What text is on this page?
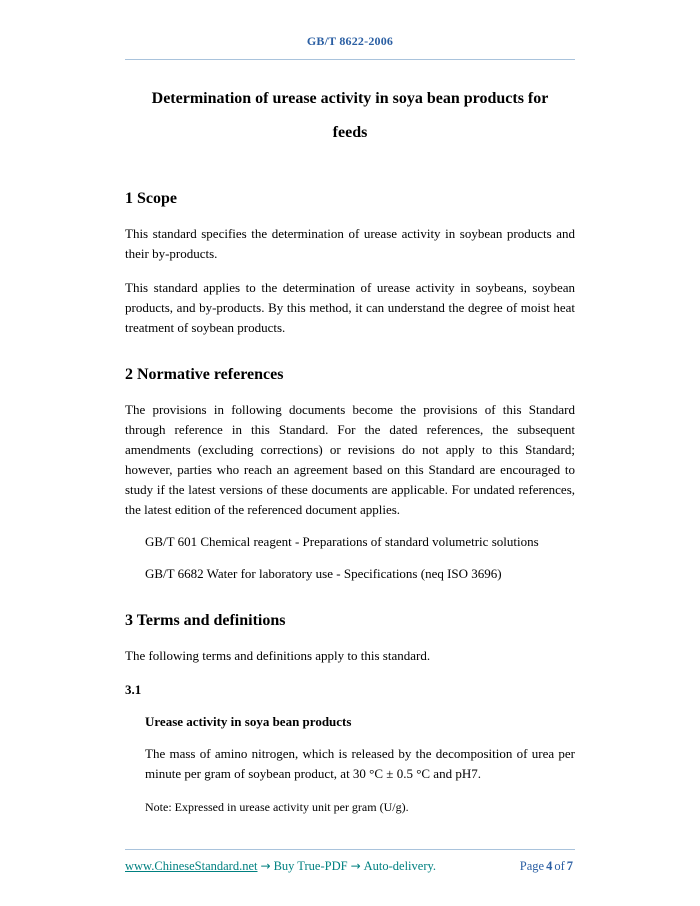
GB/T 8622-2006
Determination of urease activity in soya bean products for
feeds
1 Scope

This standard specifies the determination of urease activity in soybean products and their by-products.

This standard applies to the determination of urease activity in soybeans, soybean products, and by-products. By this method, it can understand the degree of moist heat treatment of soybean products.

2 Normative references

The provisions in following documents become the provisions of this Standard through reference in this Standard. For the dated references, the subsequent amendments (excluding corrections) or revisions do not apply to this Standard; however, parties who reach an agreement based on this Standard are encouraged to study if the latest versions of these documents are applicable. For undated references, the latest edition of the referenced document applies.

GB/T 601 Chemical reagent - Preparations of standard volumetric solutions

GB/T 6682 Water for laboratory use - Specifications (neq ISO 3696)

3 Terms and definitions

The following terms and definitions apply to this standard.

3.1
Urease activity in soya bean products

The mass of amino nitrogen, which is released by the decomposition of urea per minute per gram of soybean product, at 30 °C ± 0.5 °C and pH7.

Note: Expressed in urease activity unit per gram (U/g).

www.ChineseStandard.net → Buy True-PDF → Auto-delivery.	Page 4 of 7
